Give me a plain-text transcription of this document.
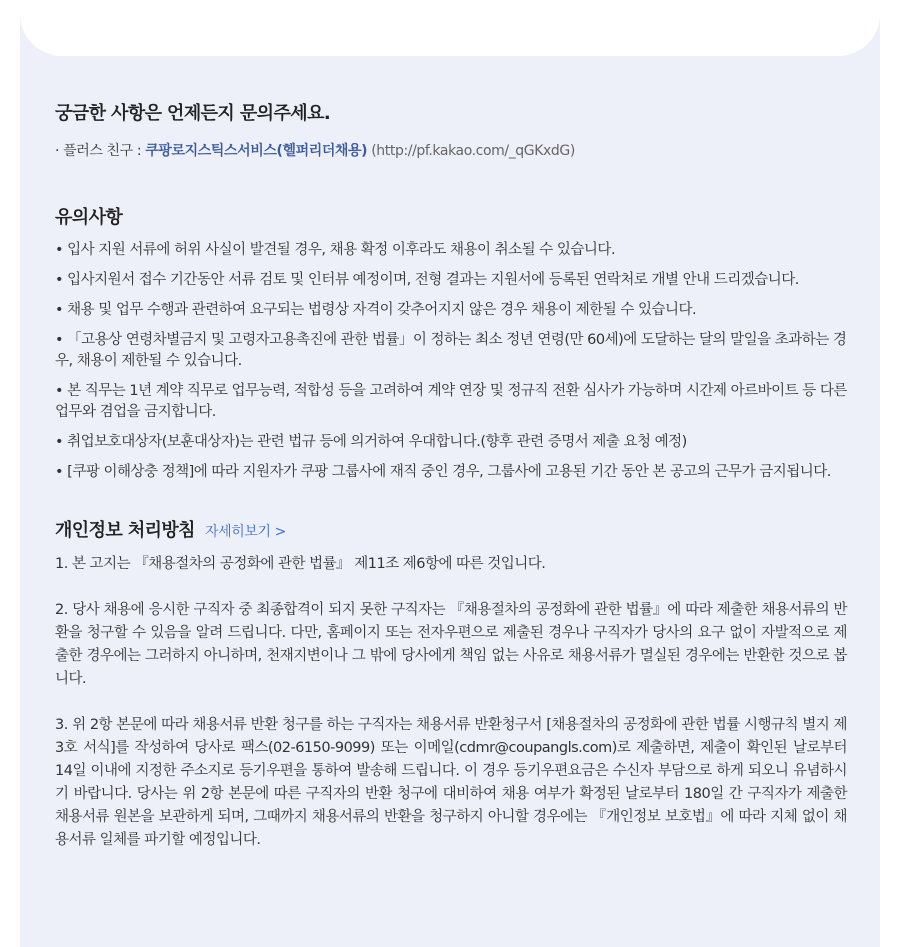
궁금한 사항은 언제든지 문의주세요.
· 플러스 친구 : 쿠팡로지스틱스서비스(헬퍼리더채용) (http://pf.kakao.com/_qGKxdG)
유의사항
• 입사 지원 서류에 허위 사실이 발견될 경우, 채용 확정 이후라도 채용이 취소될 수 있습니다.
• 입사지원서 접수 기간동안 서류 검토 및 인터뷰 예정이며, 전형 결과는 지원서에 등록된 연락처로 개별 안내 드리겠습니다.
• 채용 및 업무 수행과 관련하여 요구되는 법령상 자격이 갖추어지지 않은 경우 채용이 제한될 수 있습니다.
• 「고용상 연령차별금지 및 고령자고용촉진에 관한 법률」이 정하는 최소 정년 연령(만 60세)에 도달하는 달의 말일을 초과하는 경우, 채용이 제한될 수 있습니다.
• 본 직무는 1년 계약 직무로 업무능력, 적합성 등을 고려하여 계약 연장 및 정규직 전환 심사가 가능하며 시간제 아르바이트 등 다른 업무와 겸업을 금지합니다.
• 취업보호대상자(보훈대상자)는 관련 법규 등에 의거하여 우대합니다.(향후 관련 증명서 제출 요청 예정)
• [쿠팡 이해상충 정책]에 따라 지원자가 쿠팡 그룹사에 재직 중인 경우, 그룹사에 고용된 기간 동안 본 공고의 근무가 금지됩니다.
개인정보 처리방침 자세히보기 >

1. 본 고지는 『채용절차의 공정화에 관한 법률』 제11조 제6항에 따른 것입니다.

2. 당사 채용에 응시한 구직자 중 최종합격이 되지 못한 구직자는 『채용절차의 공정화에 관한 법률』에 따라 제출한 채용서류의 반환을 청구할 수 있음을 알려 드립니다. 다만, 홈페이지 또는 전자우편으로 제출된 경우나 구직자가 당사의 요구 없이 자발적으로 제출한 경우에는 그러하지 아니하며, 천재지변이나 그 밖에 당사에게 책임 없는 사유로 채용서류가 멸실된 경우에는 반환한 것으로 봅니다.

3. 위 2항 본문에 따라 채용서류 반환 청구를 하는 구직자는 채용서류 반환청구서 [채용절차의 공정화에 관한 법률 시행규칙 별지 제3호 서식]를 작성하여 당사로 팩스(02-6150-9099) 또는 이메일(cdmr@coupangls.com)로 제출하면, 제출이 확인된 날로부터 14일 이내에 지정한 주소지로 등기우편을 통하여 발송해 드립니다. 이 경우 등기우편요금은 수신자 부담으로 하게 되오니 유념하시기 바랍니다. 당사는 위 2항 본문에 따른 구직자의 반환 청구에 대비하여 채용 여부가 확정된 날로부터 180일 간 구직자가 제출한 채용서류 원본을 보관하게 되며, 그때까지 채용서류의 반환을 청구하지 아니할 경우에는 『개인정보 보호법』에 따라 지체 없이 채용서류 일체를 파기할 예정입니다.
